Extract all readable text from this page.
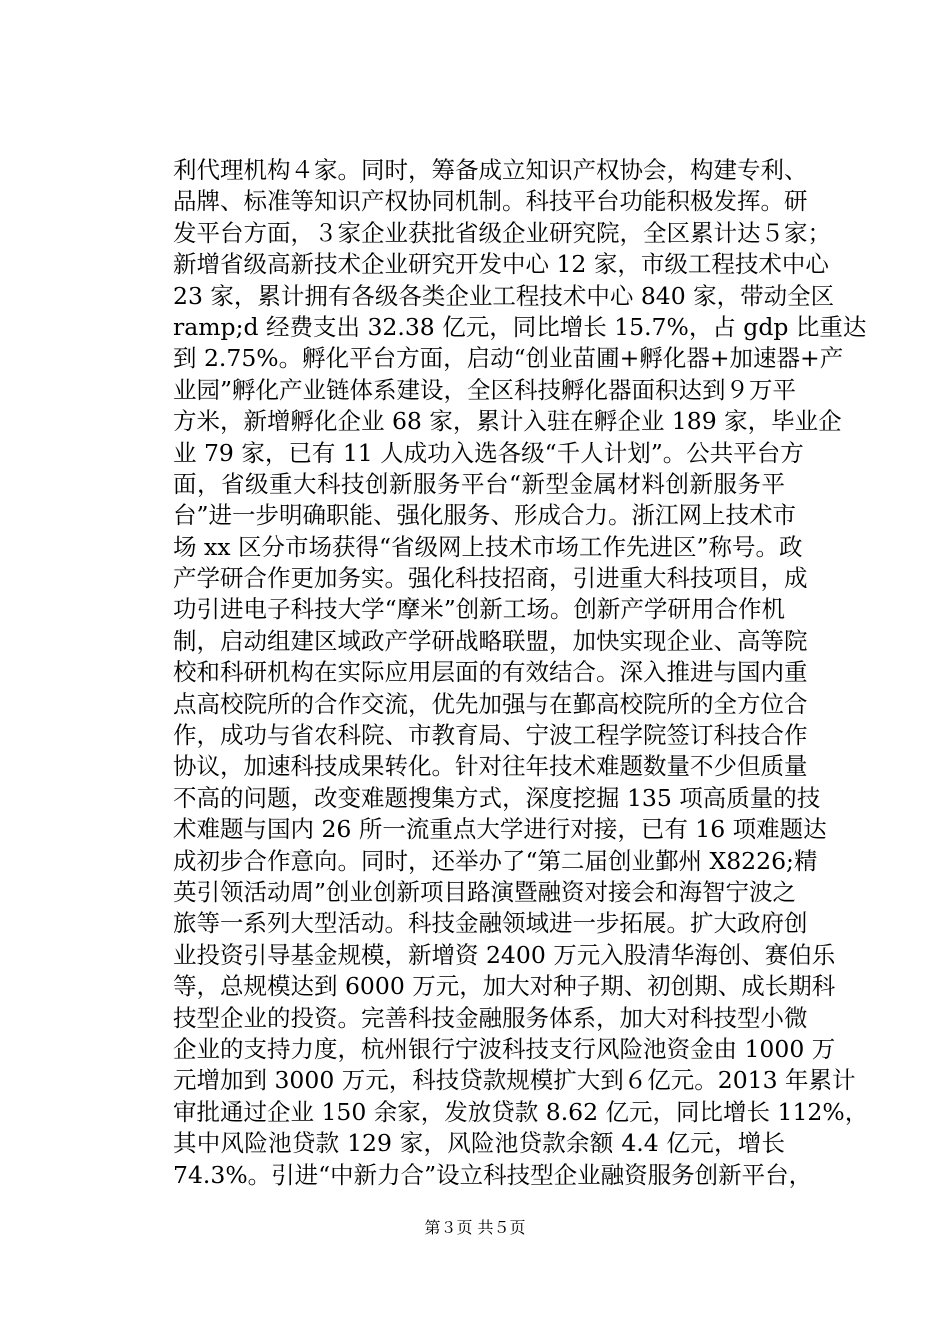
利代理机构４家。同时，筹备成立知识产权协会，构建专利、
品牌、标准等知识产权协同机制。科技平台功能积极发挥。研
发平台方面，３家企业获批省级企业研究院，全区累计达５家；
新增省级高新技术企业研究开发中心 12 家，市级工程技术中心
23 家，累计拥有各级各类企业工程技术中心 840 家，带动全区
ramp;d 经费支出 32.38 亿元，同比增长 15.7%，占 gdp 比重达
到 2.75%。孵化平台方面，启动“创业苗圃+孵化器+加速器+产
业园”孵化产业链体系建设，全区科技孵化器面积达到９万平
方米，新增孵化企业 68 家，累计入驻在孵企业 189 家，毕业企
业 79 家，已有 11 人成功入选各级“千人计划”。公共平台方
面，省级重大科技创新服务平台“新型金属材料创新服务平
台”进一步明确职能、强化服务、形成合力。浙江网上技术市
场 xx 区分市场获得“省级网上技术市场工作先进区”称号。政
产学研合作更加务实。强化科技招商，引进重大科技项目，成
功引进电子科技大学“摩米”创新工场。创新产学研用合作机
制，启动组建区域政产学研战略联盟，加快实现企业、高等院
校和科研机构在实际应用层面的有效结合。深入推进与国内重
点高校院所的合作交流，优先加强与在鄞高校院所的全方位合
作，成功与省农科院、市教育局、宁波工程学院签订科技合作
协议，加速科技成果转化。针对往年技术难题数量不少但质量
不高的问题，改变难题搜集方式，深度挖掘 135 项高质量的技
术难题与国内 26 所一流重点大学进行对接，已有 16 项难题达
成初步合作意向。同时，还举办了“第二届创业鄞州 X8226;精
英引领活动周”创业创新项目路演暨融资对接会和海智宁波之
旅等一系列大型活动。科技金融领域进一步拓展。扩大政府创
业投资引导基金规模，新增资 2400 万元入股清华海创、赛伯乐
等，总规模达到 6000 万元，加大对种子期、初创期、成长期科
技型企业的投资。完善科技金融服务体系，加大对科技型小微
企业的支持力度，杭州银行宁波科技支行风险池资金由 1000 万
元增加到 3000 万元，科技贷款规模扩大到６亿元。2013 年累计
审批通过企业 150 余家，发放贷款 8.62 亿元，同比增长 112%，
其中风险池贷款 129 家，风险池贷款余额 4.4 亿元，增长
74.3%。引进“中新力合”设立科技型企业融资服务创新平台，
第３页 共５页
